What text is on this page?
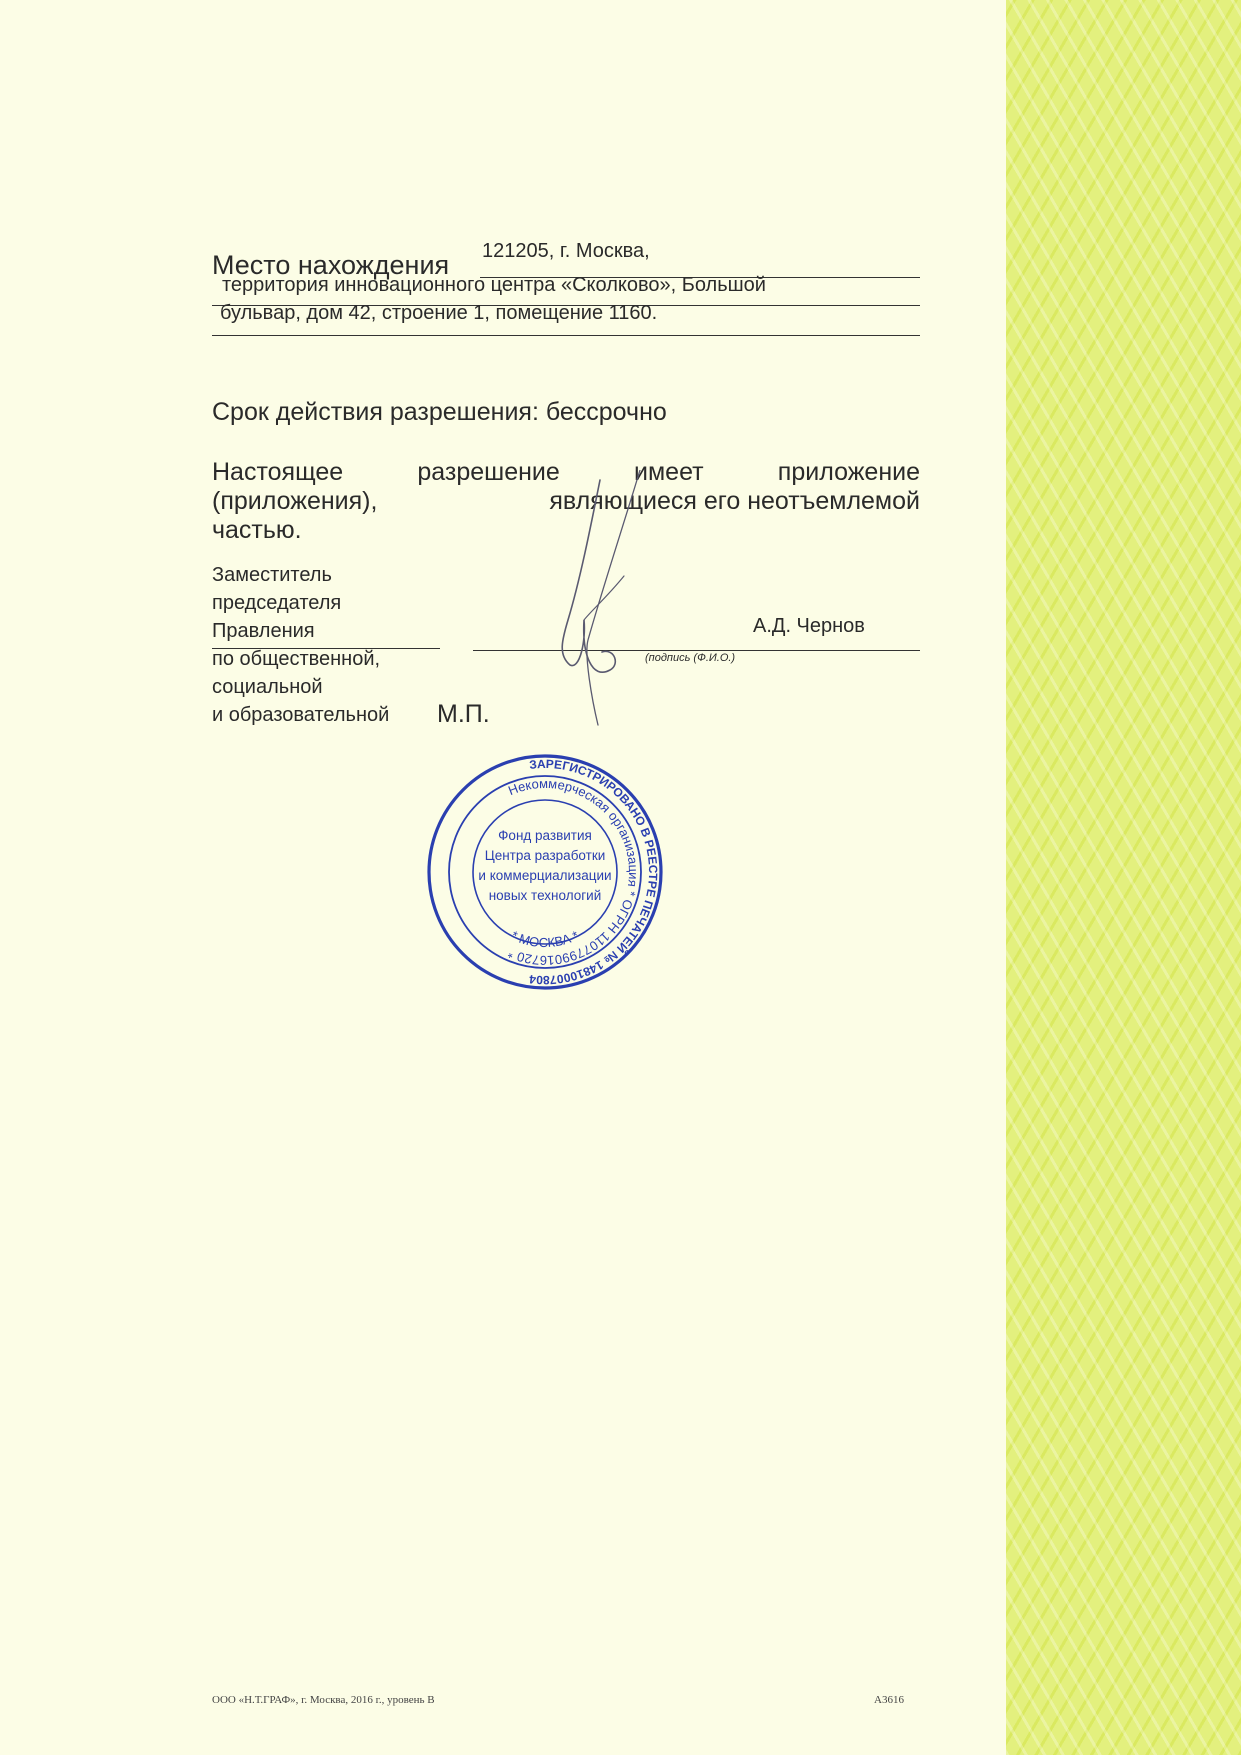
Место нахождения 121205, г. Москва,
территория инновационного центра «Сколково», Большой
бульвар, дом 42, строение 1, помещение 1160.
Срок действия разрешения: бессрочно
Настоящее разрешение имеет приложение
(приложения),	являющиеся его неотъемлемой
частью.
Заместитель
председателя
Правления
по общественной,
социальной
и образовательной
А.Д. Чернов
(подпись (Ф.И.О.)
М.П.
ЗАРЕГИСТРИРОВАНО В РЕЕСТРЕ ПЕЧАТЕЙ № 14810007804
Некоммерческая организация * ОГРН 1107799016720 *
* МОСКВА *
Фонд развития
Центра разработки
и коммерциализации
новых технологий
ООО «Н.Т.ГРАФ», г. Москва, 2016 г., уровень В	A3616
